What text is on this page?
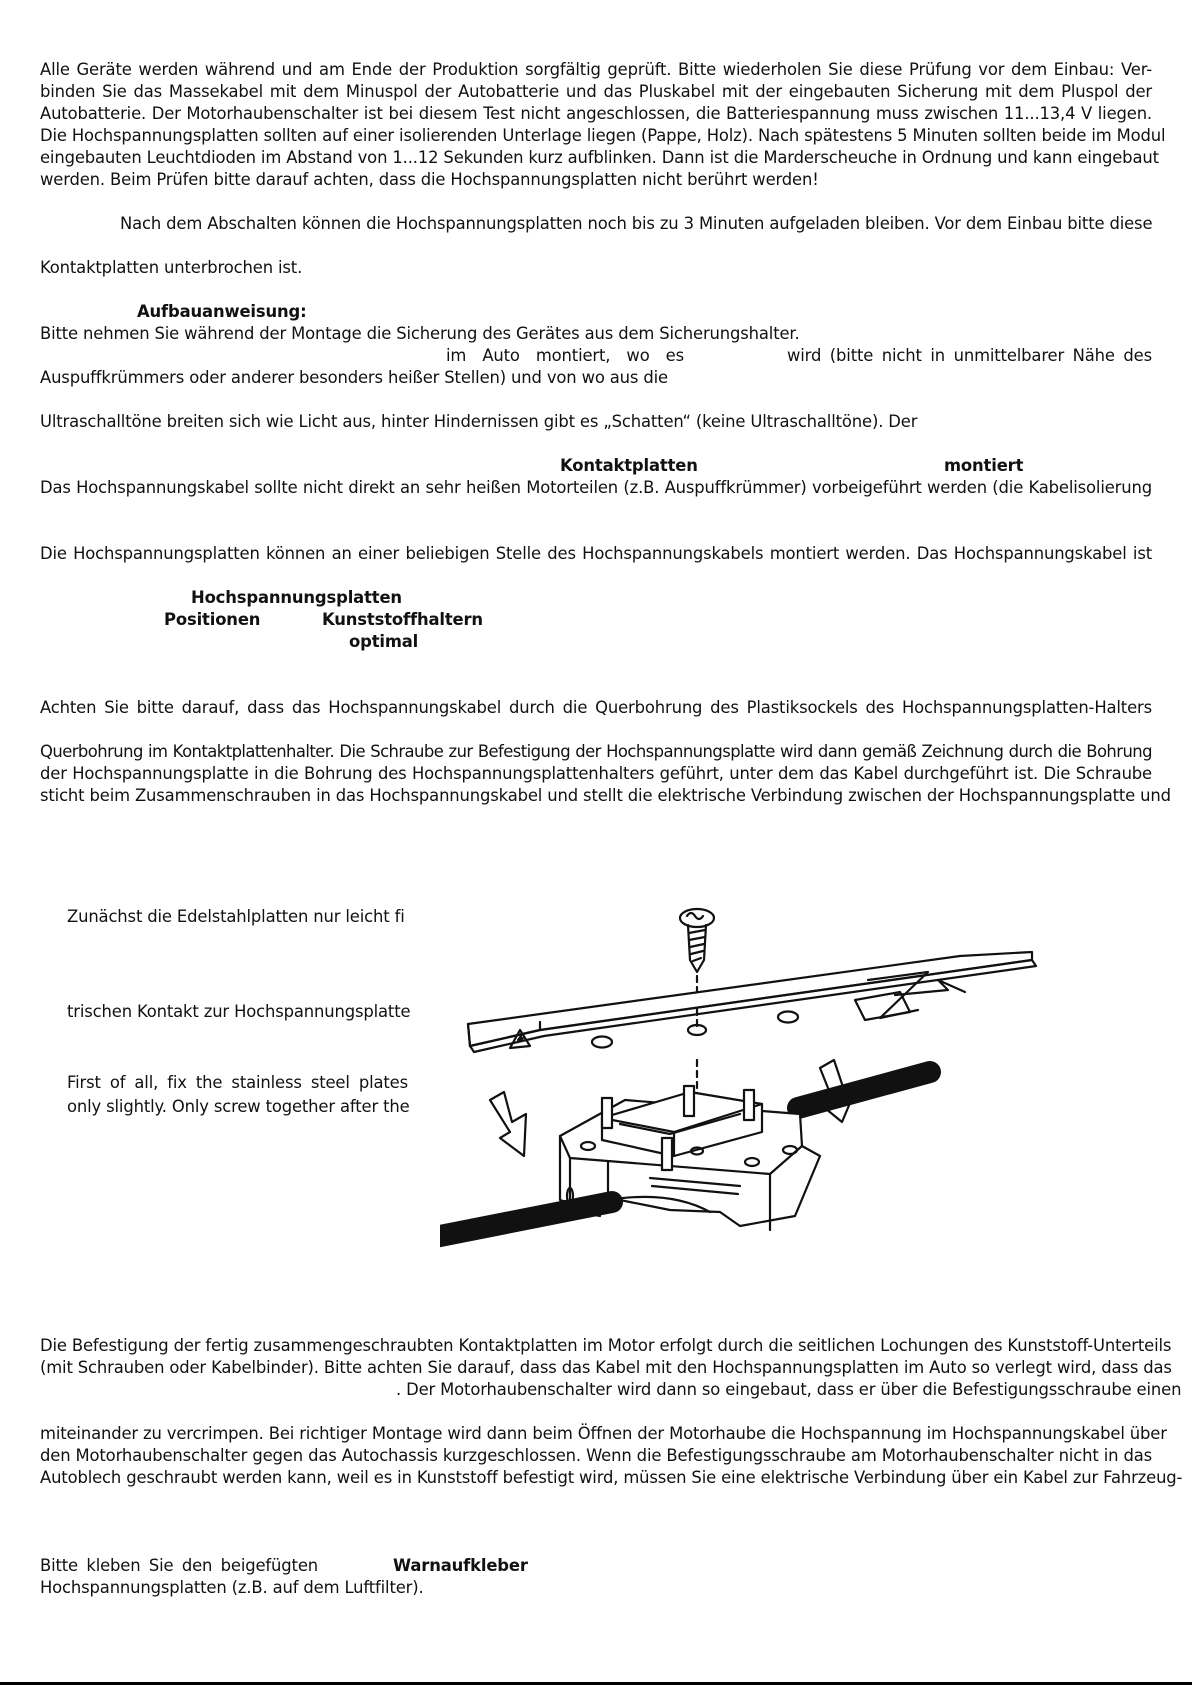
Alle Geräte werden während und am Ende der Produktion sorgfältig geprüft. Bitte wiederholen Sie diese Prüfung vor dem Einbau: Ver-
binden Sie das Massekabel mit dem Minuspol der Autobatterie und das Pluskabel mit der eingebauten Sicherung mit dem Pluspol der
Autobatterie. Der Motorhaubenschalter ist bei diesem Test nicht angeschlossen, die Batteriespannung muss zwischen 11...13,4 V liegen.
Die Hochspannungsplatten sollten auf einer isolierenden Unterlage liegen (Pappe, Holz). Nach spätestens 5 Minuten sollten beide im Modul
eingebauten Leuchtdioden im Abstand von 1...12 Sekunden kurz aufblinken. Dann ist die Marderscheuche in Ordnung und kann eingebaut
werden. Beim Prüfen bitte darauf achten, dass die Hochspannungsplatten nicht berührt werden!
Nach dem Abschalten können die Hochspannungsplatten noch bis zu 3 Minuten aufgeladen bleiben. Vor dem Einbau bitte diese
Kontaktplatten unterbrochen ist.
Aufbauanweisung:
Bitte nehmen Sie während der Montage die Sicherung des Gerätes aus dem Sicherungshalter.
im Auto montiert, wo es	wird (bitte nicht in unmittelbarer Nähe des
Auspuffkrümmers oder anderer besonders heißer Stellen) und von wo aus die
Ultraschalltöne breiten sich wie Licht aus, hinter Hindernissen gibt es „Schatten“ (keine Ultraschalltöne). Der
Kontaktplatten	montiert
Das Hochspannungskabel sollte nicht direkt an sehr heißen Motorteilen (z.B. Auspuffkrümmer) vorbeigeführt werden (die Kabelisolierung
Die Hochspannungsplatten können an einer beliebigen Stelle des Hochspannungskabels montiert werden. Das Hochspannungskabel ist
Hochspannungsplatten
Positionen	Kunststoffhaltern
optimal
Achten Sie bitte darauf, dass das Hochspannungskabel durch die Querbohrung des Plastiksockels des Hochspannungsplatten-Halters
Querbohrung im Kontaktplattenhalter. Die Schraube zur Befestigung der Hochspannungsplatte wird dann gemäß Zeichnung durch die Bohrung
der Hochspannungsplatte in die Bohrung des Hochspannungsplattenhalters geführt, unter dem das Kabel durchgeführt ist. Die Schraube
sticht beim Zusammenschrauben in das Hochspannungskabel und stellt die elektrische Verbindung zwischen der Hochspannungsplatte und
Zunächst die Edelstahlplatten nur leicht fi
trischen Kontakt zur Hochspannungsplatte
First of all, fix the stainless steel plates
only slightly. Only screw together after the
Die Befestigung der fertig zusammengeschraubten Kontaktplatten im Motor erfolgt durch die seitlichen Lochungen des Kunststoff-Unterteils
(mit Schrauben oder Kabelbinder). Bitte achten Sie darauf, dass das Kabel mit den Hochspannungsplatten im Auto so verlegt wird, dass das
. Der Motorhaubenschalter wird dann so eingebaut, dass er über die Befestigungsschraube einen
miteinander zu vercrimpen. Bei richtiger Montage wird dann beim Öffnen der Motorhaube die Hochspannung im Hochspannungskabel über
den Motorhaubenschalter gegen das Autochassis kurzgeschlossen. Wenn die Befestigungsschraube am Motorhaubenschalter nicht in das
Autoblech geschraubt werden kann, weil es in Kunststoff befestigt wird, müssen Sie eine elektrische Verbindung über ein Kabel zur Fahrzeug-
Bitte kleben Sie den beigefügten	Warnaufkleber
Hochspannungsplatten (z.B. auf dem Luftfilter).
